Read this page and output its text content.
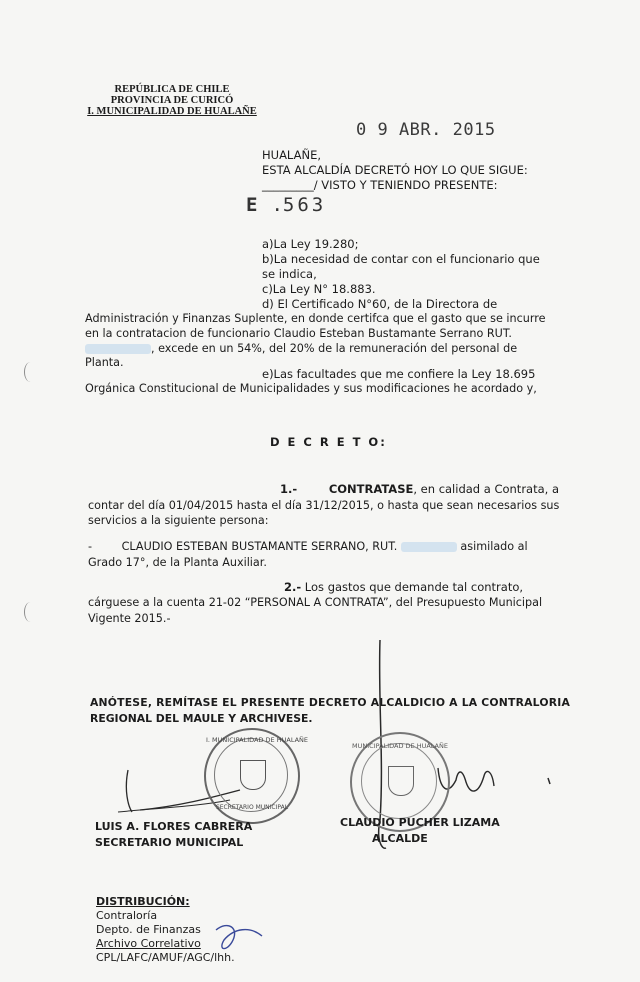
REPÚBLICA DE CHILE
PROVINCIA DE CURICÓ
I. MUNICIPALIDAD DE HUALAÑE
0 9 ABR. 2015
HUALAÑE,
ESTA ALCALDÍA DECRETÓ HOY LO QUE SIGUE:
_________/ VISTO Y TENIENDO PRESENTE:
E .563
a)La Ley 19.280;
b)La necesidad de contar con el funcionario que
se indica,
c)La Ley N° 18.883.
d) El Certificado N°60, de la Directora de
Administración y Finanzas Suplente, en donde certifca que el gasto que se incurre
en la contratacion de funcionario Claudio Esteban Bustamante Serrano RUT.
, excede en un 54%, del 20% de la remuneración del personal de
Planta.
e)Las facultades que me confiere la Ley 18.695
Orgánica Constitucional de Municipalidades y sus modificaciones he acordado y,
D E C R E T O:
1.-	CONTRATASE, en calidad a Contrata, a
contar del día 01/04/2015 hasta el día 31/12/2015, o hasta que sean necesarios sus
servicios a la siguiente persona:
-	CLAUDIO ESTEBAN BUSTAMANTE SERRANO, RUT.	asimilado al
Grado 17°, de la Planta Auxiliar.
2.- Los gastos que demande tal contrato,
cárguese a la cuenta 21-02 “PERSONAL A CONTRATA”, del Presupuesto Municipal
Vigente 2015.-
ANÓTESE, REMÍTASE EL PRESENTE DECRETO ALCALDICIO A LA CONTRALORIA
REGIONAL DEL MAULE Y ARCHIVESE.
I. MUNICIPALIDAD DE HUALAÑE
SECRETARIO MUNICIPAL
MUNICIPALIDAD DE HUALAÑE
LUIS A. FLORES CABRERA
SECRETARIO MUNICIPAL
CLAUDIO PUCHER LIZAMA
ALCALDE
DISTRIBUCIÓN:
Contraloría
Depto. de Finanzas
Archivo Correlativo
CPL/LAFC/AMUF/AGC/lhh.
